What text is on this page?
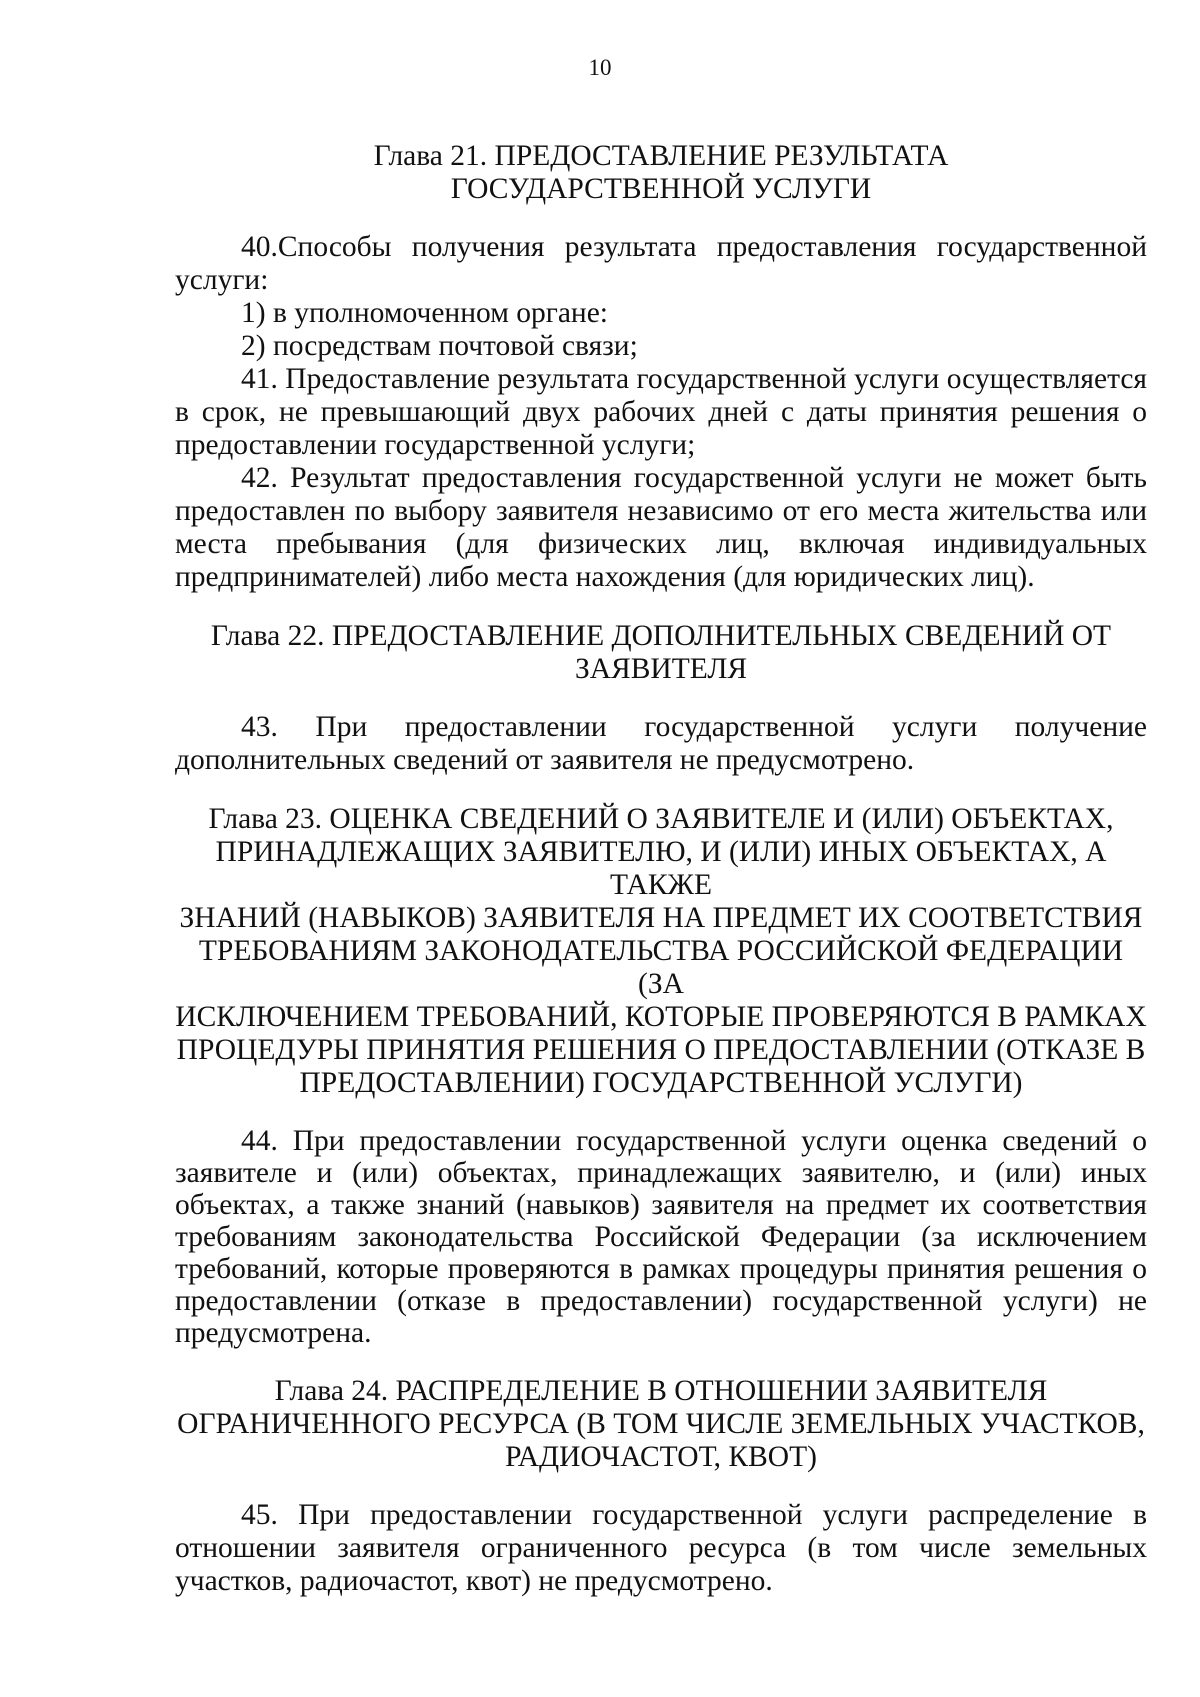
10
Глава 21. ПРЕДОСТАВЛЕНИЕ РЕЗУЛЬТАТА
ГОСУДАРСТВЕННОЙ УСЛУГИ

40.Способы получения результата предоставления государственной услуги:

1) в уполномоченном органе:

2) посредствам почтовой связи;

41. Предоставление результата государственной услуги осуществляется в срок, не превышающий двух рабочих дней с даты принятия решения о предоставлении государственной услуги;

42. Результат предоставления государственной услуги не может быть предоставлен по выбору заявителя независимо от его места жительства или места пребывания (для физических лиц, включая индивидуальных предпринимателей) либо места нахождения (для юридических лиц).

Глава 22. ПРЕДОСТАВЛЕНИЕ ДОПОЛНИТЕЛЬНЫХ СВЕДЕНИЙ ОТ
ЗАЯВИТЕЛЯ

43. При предоставлении государственной услуги получение дополнительных сведений от заявителя не предусмотрено.

Глава 23. ОЦЕНКА СВЕДЕНИЙ О ЗАЯВИТЕЛЕ И (ИЛИ) ОБЪЕКТАХ,
ПРИНАДЛЕЖАЩИХ ЗАЯВИТЕЛЮ, И (ИЛИ) ИНЫХ ОБЪЕКТАХ, А ТАКЖЕ
ЗНАНИЙ (НАВЫКОВ) ЗАЯВИТЕЛЯ НА ПРЕДМЕТ ИХ СООТВЕТСТВИЯ
ТРЕБОВАНИЯМ ЗАКОНОДАТЕЛЬСТВА РОССИЙСКОЙ ФЕДЕРАЦИИ (ЗА
ИСКЛЮЧЕНИЕМ ТРЕБОВАНИЙ, КОТОРЫЕ ПРОВЕРЯЮТСЯ В РАМКАХ
ПРОЦЕДУРЫ ПРИНЯТИЯ РЕШЕНИЯ О ПРЕДОСТАВЛЕНИИ (ОТКАЗЕ В
ПРЕДОСТАВЛЕНИИ) ГОСУДАРСТВЕННОЙ УСЛУГИ)

44. При предоставлении государственной услуги оценка сведений о заявителе и (или) объектах, принадлежащих заявителю, и (или) иных объектах, а также знаний (навыков) заявителя на предмет их соответствия требованиям законодательства Российской Федерации (за исключением требований, которые проверяются в рамках процедуры принятия решения о предоставлении (отказе в предоставлении) государственной услуги) не предусмотрена.

Глава 24. РАСПРЕДЕЛЕНИЕ В ОТНОШЕНИИ ЗАЯВИТЕЛЯ
ОГРАНИЧЕННОГО РЕСУРСА (В ТОМ ЧИСЛЕ ЗЕМЕЛЬНЫХ УЧАСТКОВ,
РАДИОЧАСТОТ, КВОТ)

45. При предоставлении государственной услуги распределение в отношении заявителя ограниченного ресурса (в том числе земельных участков, радиочастот, квот) не предусмотрено.
